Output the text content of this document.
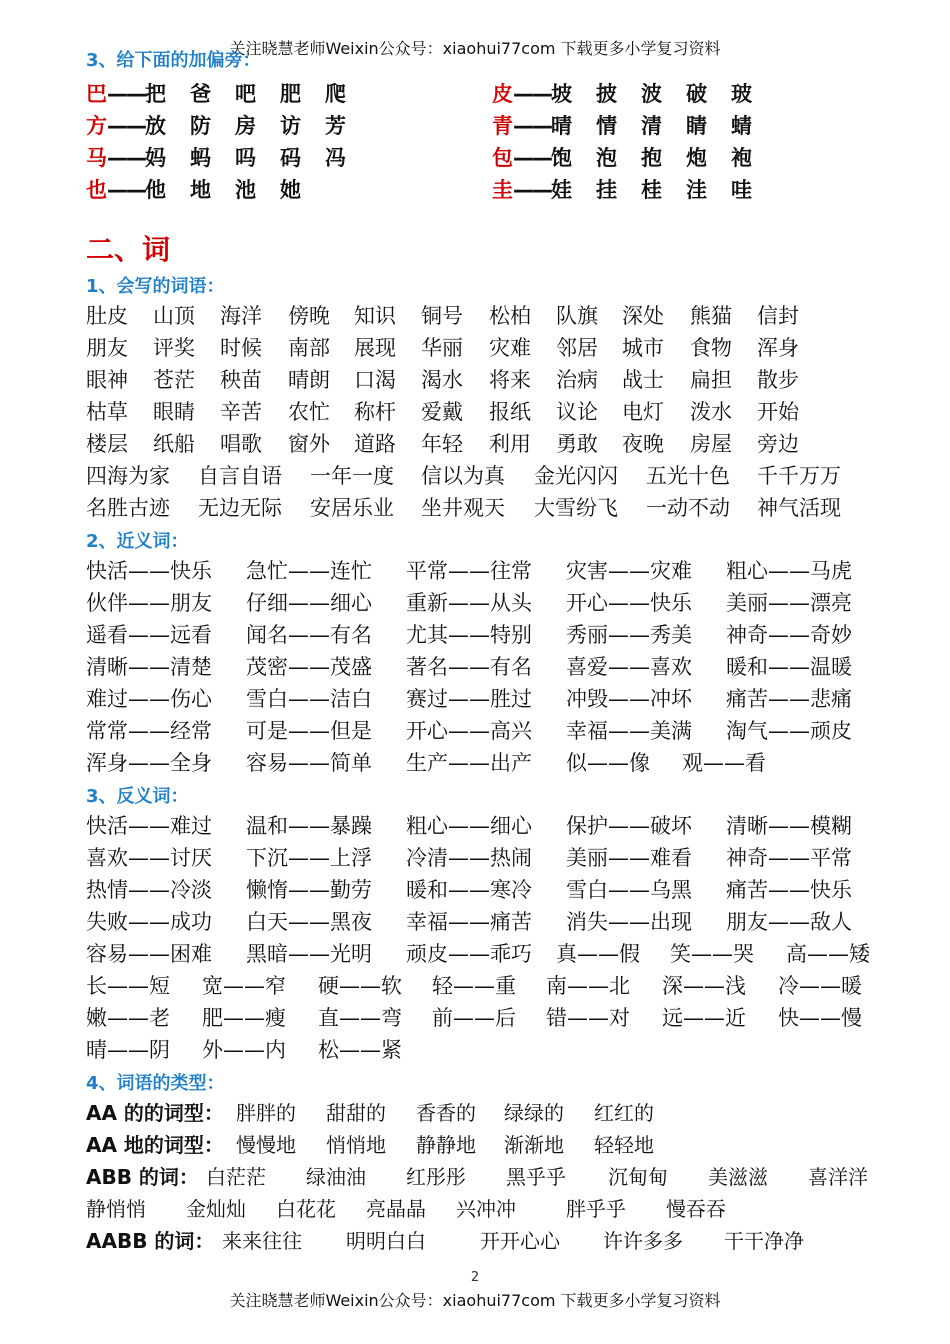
关注晓慧老师Weixin公众号：xiaohui77com 下载更多小学复习资料
3、给下面的加偏旁：
巴——把 爸 吧 肥 爬
方——放 防 房 访 芳
马——妈 蚂 吗 码 冯
也——他 地 池 她
皮——坡 披 波 破 玻
青——晴 情 清 睛 蜻
包——饱 泡 抱 炮 袍
圭——娃 挂 桂 洼 哇
二、词
1、会写的词语：
肚皮 山顶 海洋 傍晚 知识 铜号 松柏 队旗 深处 熊猫 信封
朋友 评奖 时候 南部 展现 华丽 灾难 邻居 城市 食物 浑身
眼神 苍茫 秧苗 晴朗 口渴 渴水 将来 治病 战士 扁担 散步
枯草 眼睛 辛苦 农忙 称杆 爱戴 报纸 议论 电灯 泼水 开始
楼层 纸船 唱歌 窗外 道路 年轻 利用 勇敢 夜晚 房屋 旁边
四海为家 自言自语 一年一度 信以为真 金光闪闪 五光十色 千千万万
名胜古迹 无边无际 安居乐业 坐井观天 大雪纷飞 一动不动 神气活现
2、近义词：
快活——快乐 急忙——连忙 平常——往常 灾害——灾难 粗心——马虎
伙伴——朋友 仔细——细心 重新——从头 开心——快乐 美丽——漂亮
遥看——远看 闻名——有名 尤其——特别 秀丽——秀美 神奇——奇妙
清晰——清楚 茂密——茂盛 著名——有名 喜爱——喜欢 暖和——温暖
难过——伤心 雪白——洁白 赛过——胜过 冲毁——冲坏 痛苦——悲痛
常常——经常 可是——但是 开心——高兴 幸福——美满 淘气——顽皮
浑身——全身 容易——简单 生产——出产 似——像 观——看
3、反义词：
快活——难过 温和——暴躁 粗心——细心 保护——破坏 清晰——模糊
喜欢——讨厌 下沉——上浮 冷清——热闹 美丽——难看 神奇——平常
热情——冷淡 懒惰——勤劳 暖和——寒冷 雪白——乌黑 痛苦——快乐
失败——成功 白天——黑夜 幸福——痛苦 消失——出现 朋友——敌人
容易——困难 黑暗——光明 顽皮——乖巧 真——假 笑——哭 高——矮
长——短 宽——窄 硬——软 轻——重 南——北 深——浅 冷——暖
嫩——老 肥——瘦 直——弯 前——后 错——对 远——近 快——慢
晴——阴 外——内 松——紧
4、词语的类型：
AA 的的词型： 胖胖的 甜甜的 香香的 绿绿的 红红的
AA 地的词型： 慢慢地 悄悄地 静静地 渐渐地 轻轻地
ABB 的词： 白茫茫 绿油油 红彤彤 黑乎乎 沉甸甸 美滋滋 喜洋洋
静悄悄 金灿灿 白花花 亮晶晶 兴冲冲	胖乎乎 慢吞吞
AABB 的词： 来来往往 明明白白	开开心心 许许多多 干干净净
2
关注晓慧老师Weixin公众号：xiaohui77com 下载更多小学复习资料
